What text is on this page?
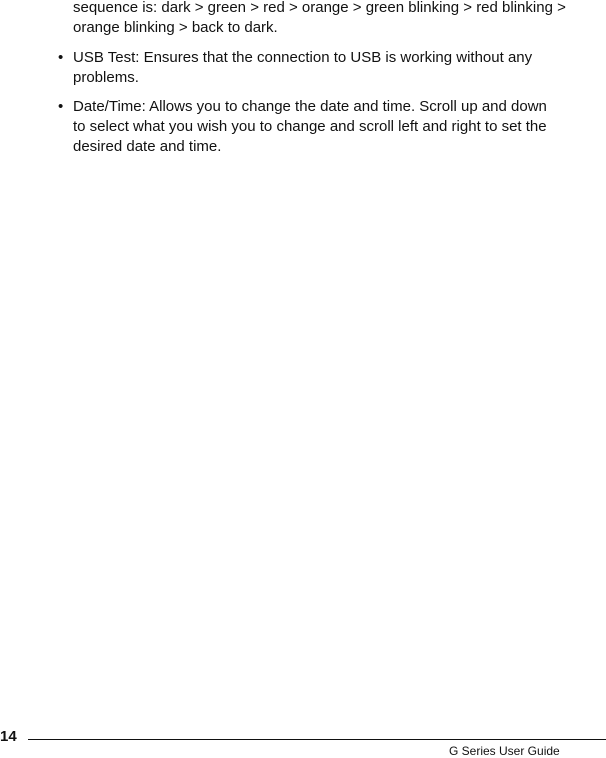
sequence is: dark > green > red > orange > green blinking > red blinking > orange blinking > back to dark.

• USB Test: Ensures that the connection to USB is working without any problems.
• Date/Time: Allows you to change the date and time. Scroll up and down to select what you wish you to change and scroll left and right to set the desired date and time.
14
G Series User Guide
